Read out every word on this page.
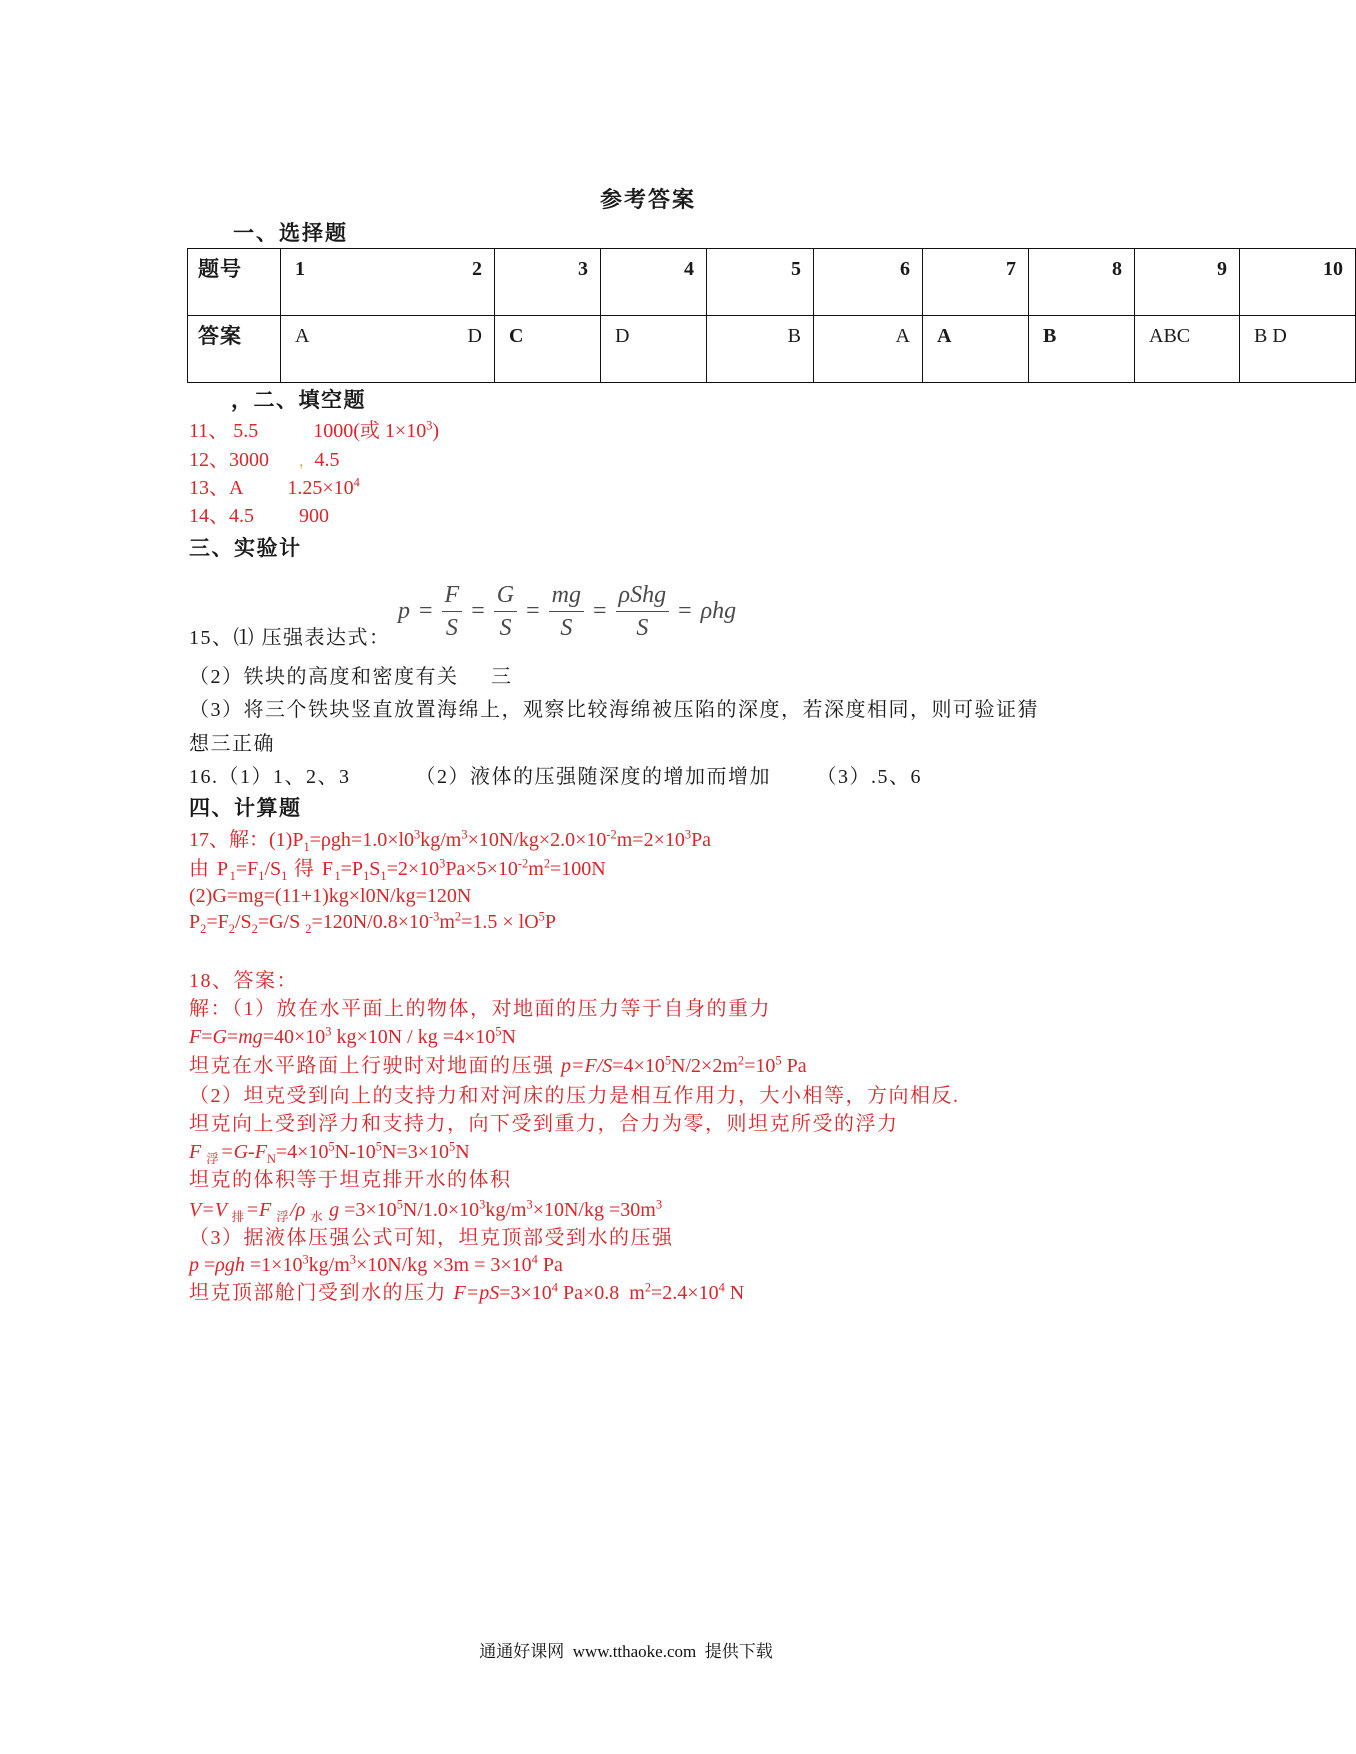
参考答案
一、选择题
题号	1	2	3	4	5	6	7	8	9	10
答案	A	D	C	D	B	A	A	B	ABC	B D
$p = \frac{F}{S} = \frac{G}{S} = \frac{mg}{S} = \frac{\text{ρShg}}{S} = \rho hg$
，二、填空题
11、 5.5           1000(或 $1\times 10^3$)
12、3000      ，4.5
13、A         $1.25\times 10^4$
14、4.5         900
三、实验计
15、⑴ 压强表达式：
（2）铁块的高度和密度有关     三
（3）将三个铁块竖直放置海绵上，观察比较海绵被压陷的深度，若深度相同，则可验证猜
想三正确
16.（1）1、2、3          （2）液体的压强随深度的增加而增加       （3）.5、6
四、计算题
17、解：$(1)P_1=\rho gh=1.0\times l0^3kg/m^3\times 10N/kg\times 2.0\times 10^{-2}m=2\times 10^3Pa$
由 $P_1=F_1/S_1$ 得 $F_1=P_1S_1=2\times 10^3Pa\times 5\times 10^{-2}m^2=100N$
(2)G=mg=(11+1)kg×l0N/kg=120N
$P_2=F_2/S_2=G/S$ $_2=120N/0.8\times 10^{-3}m^2=1.5 \times lO^5P$
18、答案：
解：（1）放在水平面上的物体，对地面的压力等于自身的重力
$F=G=mg=40\times 10^3$ kg×10N / kg $=4\times 10^5N$
坦克在水平路面上行驶时对地面的压强 $p=F/S=4\times 10^5N/2\times 2m^2=10^5$ Pa
（2）坦克受到向上的支持力和对河床的压力是相互作用力，大小相等，方向相反.
坦克向上受到浮力和支持力，向下受到重力，合力为零，则坦克所受的浮力
F $_浮=G-F_N=4\times 10^5N-10^5N=3\times 10^5N$
坦克的体积等于坦克排开水的体积
V=V $_排$=F $_浮$/ρ $_水$ $g =3\times 10^5N/1.0\times 10^3kg/m^3\times 10N/kg =30m^3$
（3）据液体压强公式可知，坦克顶部受到水的压强
$p =\rho gh =1\times 10^3kg/m^3\times 10N/kg \times 3m = 3\times 10^4$ Pa
坦克顶部舱门受到水的压力 $F=pS=3\times 10^4$ Pa×0.8  $m^2=2.4\times 10^4$ N
通通好课网  www.tthaoke.com  提供下载
